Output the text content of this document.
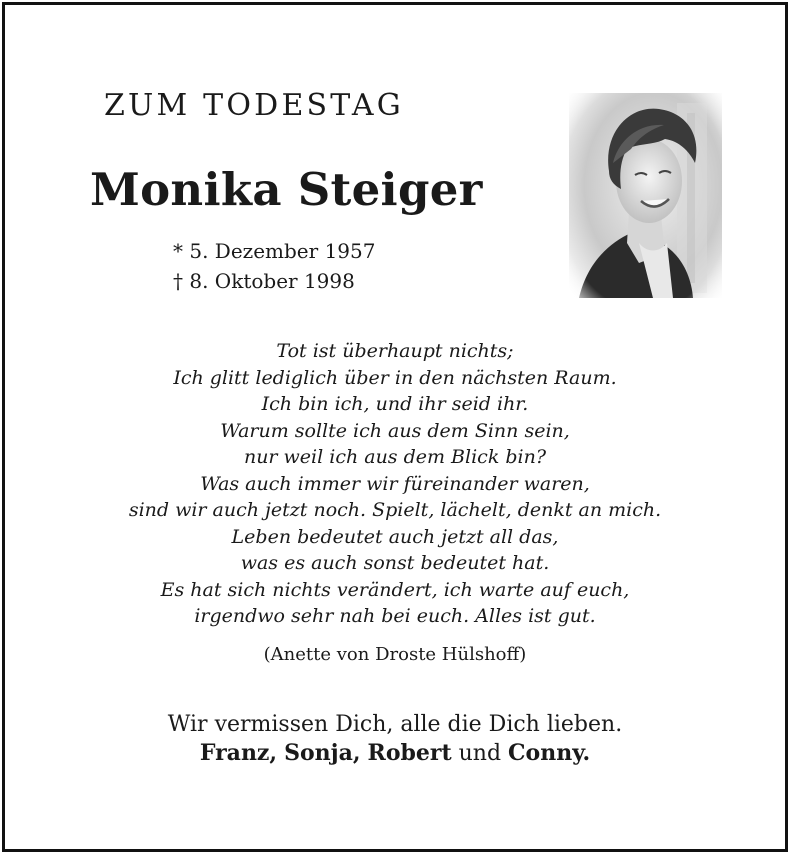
ZUM TODESTAG
Monika Steiger
* 5. Dezember 1957
† 8. Oktober 1998
Tot ist überhaupt nichts;
Ich glitt lediglich über in den nächsten Raum.
Ich bin ich, und ihr seid ihr.
Warum sollte ich aus dem Sinn sein,
nur weil ich aus dem Blick bin?
Was auch immer wir füreinander waren,
sind wir auch jetzt noch. Spielt, lächelt, denkt an mich.
Leben bedeutet auch jetzt all das,
was es auch sonst bedeutet hat.
Es hat sich nichts verändert, ich warte auf euch,
irgendwo sehr nah bei euch. Alles ist gut.
(Anette von Droste Hülshoff)
Wir vermissen Dich, alle die Dich lieben.
Franz, Sonja, Robert und Conny.
